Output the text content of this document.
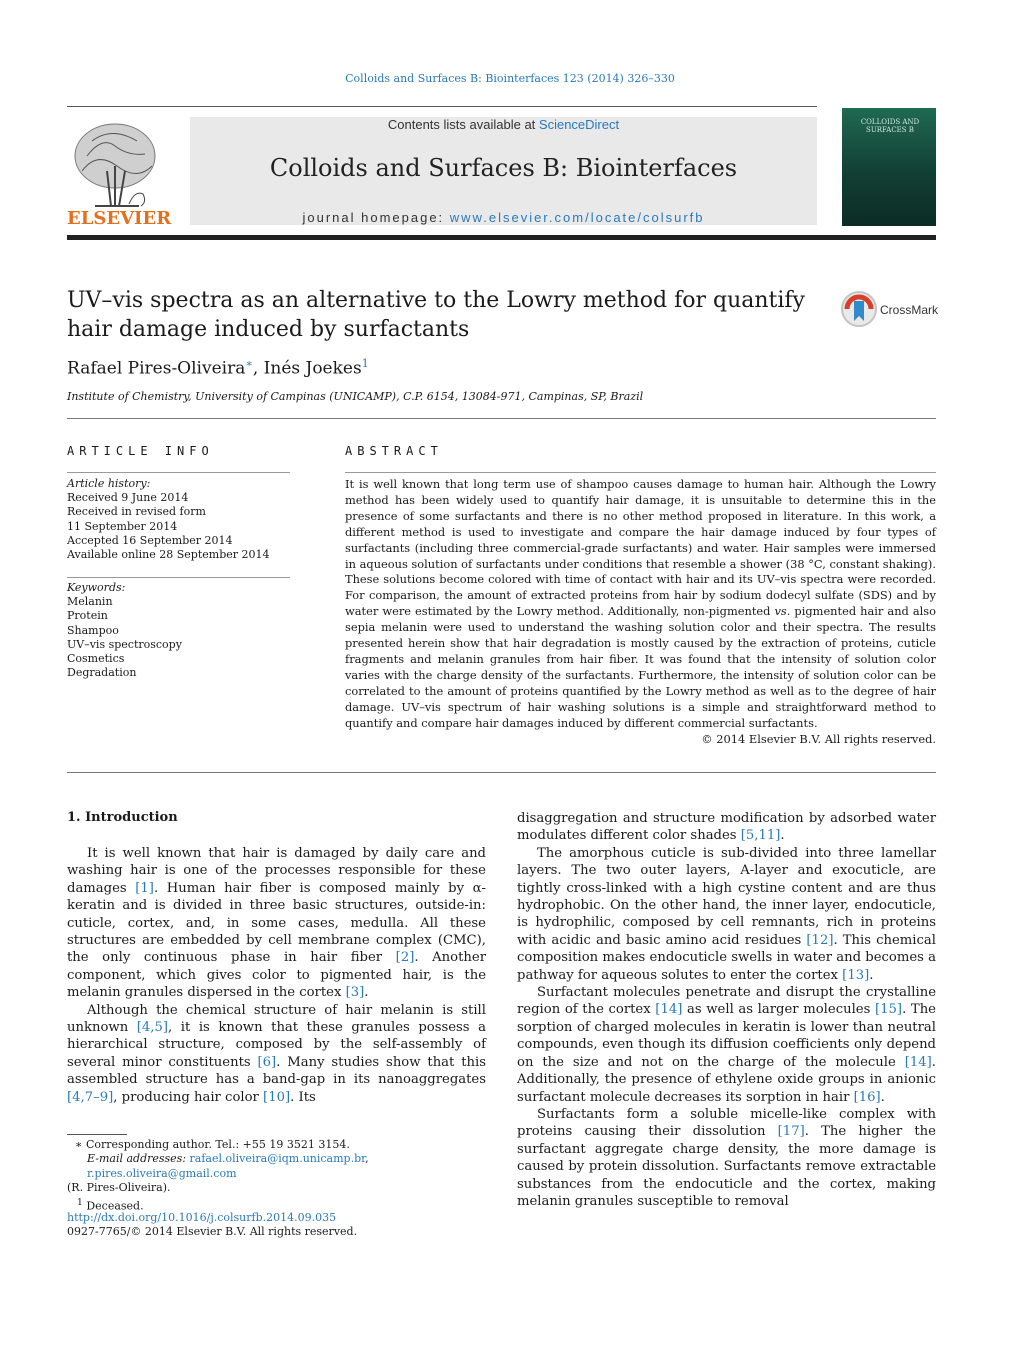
Colloids and Surfaces B: Biointerfaces 123 (2014) 326–330
ELSEVIER
Contents lists available at ScienceDirect
Colloids and Surfaces B: Biointerfaces
journal homepage: www.elsevier.com/locate/colsurfb
COLLOIDS AND SURFACES B
UV–vis spectra as an alternative to the Lowry method for quantify hair damage induced by surfactants
CrossMark
Rafael Pires-Oliveira∗, Inés Joekes$^1$
Institute of Chemistry, University of Campinas (UNICAMP), C.P. 6154, 13084-971, Campinas, SP, Brazil
ARTICLE INFO
Article history:
Received 9 June 2014
Received in revised form
11 September 2014
Accepted 16 September 2014
Available online 28 September 2014
Keywords:
Melanin
Protein
Shampoo
UV–vis spectroscopy
Cosmetics
Degradation
ABSTRACT
It is well known that long term use of shampoo causes damage to human hair. Although the Lowry method has been widely used to quantify hair damage, it is unsuitable to determine this in the presence of some surfactants and there is no other method proposed in literature. In this work, a different method is used to investigate and compare the hair damage induced by four types of surfactants (including three commercial-grade surfactants) and water. Hair samples were immersed in aqueous solution of surfactants under conditions that resemble a shower (38 °C, constant shaking). These solutions become colored with time of contact with hair and its UV–vis spectra were recorded. For comparison, the amount of extracted proteins from hair by sodium dodecyl sulfate (SDS) and by water were estimated by the Lowry method. Additionally, non-pigmented vs. pigmented hair and also sepia melanin were used to understand the washing solution color and their spectra. The results presented herein show that hair degradation is mostly caused by the extraction of proteins, cuticle fragments and melanin granules from hair fiber. It was found that the intensity of solution color varies with the charge density of the surfactants. Furthermore, the intensity of solution color can be correlated to the amount of proteins quantified by the Lowry method as well as to the degree of hair damage. UV–vis spectrum of hair washing solutions is a simple and straightforward method to quantify and compare hair damages induced by different commercial surfactants.
© 2014 Elsevier B.V. All rights reserved.
1. Introduction

It is well known that hair is damaged by daily care and washing hair is one of the processes responsible for these damages [1]. Human hair fiber is composed mainly by α-keratin and is divided in three basic structures, outside-in: cuticle, cortex, and, in some cases, medulla. All these structures are embedded by cell membrane complex (CMC), the only continuous phase in hair fiber [2]. Another component, which gives color to pigmented hair, is the melanin granules dispersed in the cortex [3].

Although the chemical structure of hair melanin is still unknown [4,5], it is known that these granules possess a hierarchical structure, composed by the self-assembly of several minor constituents [6]. Many studies show that this assembled structure has a band-gap in its nanoaggregates [4,7–9], producing hair color [10]. Its

disaggregation and structure modification by adsorbed water modulates different color shades [5,11].

The amorphous cuticle is sub-divided into three lamellar layers. The two outer layers, A-layer and exocuticle, are tightly cross-linked with a high cystine content and are thus hydrophobic. On the other hand, the inner layer, endocuticle, is hydrophilic, composed by cell remnants, rich in proteins with acidic and basic amino acid residues [12]. This chemical composition makes endocuticle swells in water and becomes a pathway for aqueous solutes to enter the cortex [13].

Surfactant molecules penetrate and disrupt the crystalline region of the cortex [14] as well as larger molecules [15]. The sorption of charged molecules in keratin is lower than neutral compounds, even though its diffusion coefficients only depend on the size and not on the charge of the molecule [14]. Additionally, the presence of ethylene oxide groups in anionic surfactant molecule decreases its sorption in hair [16].

Surfactants form a soluble micelle-like complex with proteins causing their dissolution [17]. The higher the surfactant aggregate charge density, the more damage is caused by protein dissolution. Surfactants remove extractable substances from the endocuticle and the cortex, making melanin granules susceptible to removal

∗ Corresponding author. Tel.: +55 19 3521 3154.
E-mail addresses: rafael.oliveira@iqm.unicamp.br, r.pires.oliveira@gmail.com
(R. Pires-Oliveira).
$^1$ Deceased.
http://dx.doi.org/10.1016/j.colsurfb.2014.09.035
0927-7765/© 2014 Elsevier B.V. All rights reserved.
